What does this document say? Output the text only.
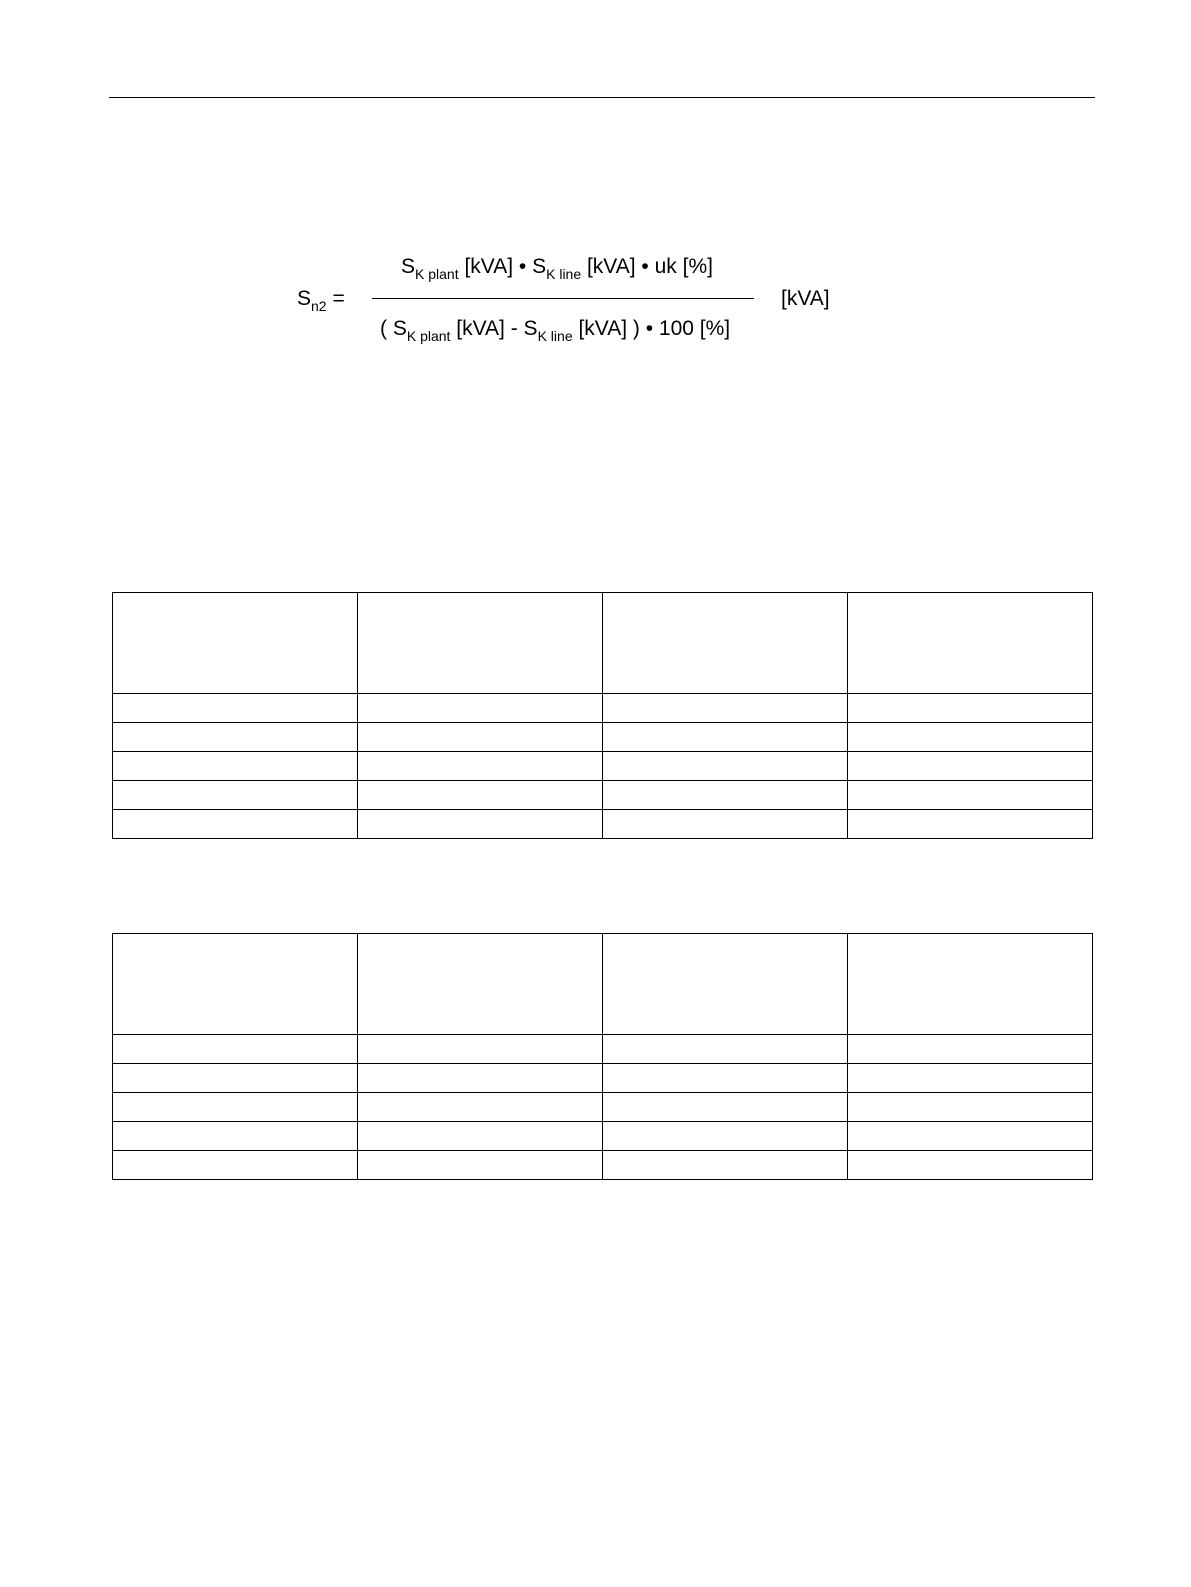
$S_{n2}$ =
$S_{K plant}$ [kVA] • $S_{K line}$ [kVA] • uk [%]
( $S_{K plant}$ $[kVA] - S_{K line}$ [kVA] ) • 100 [%]
[kVA]
